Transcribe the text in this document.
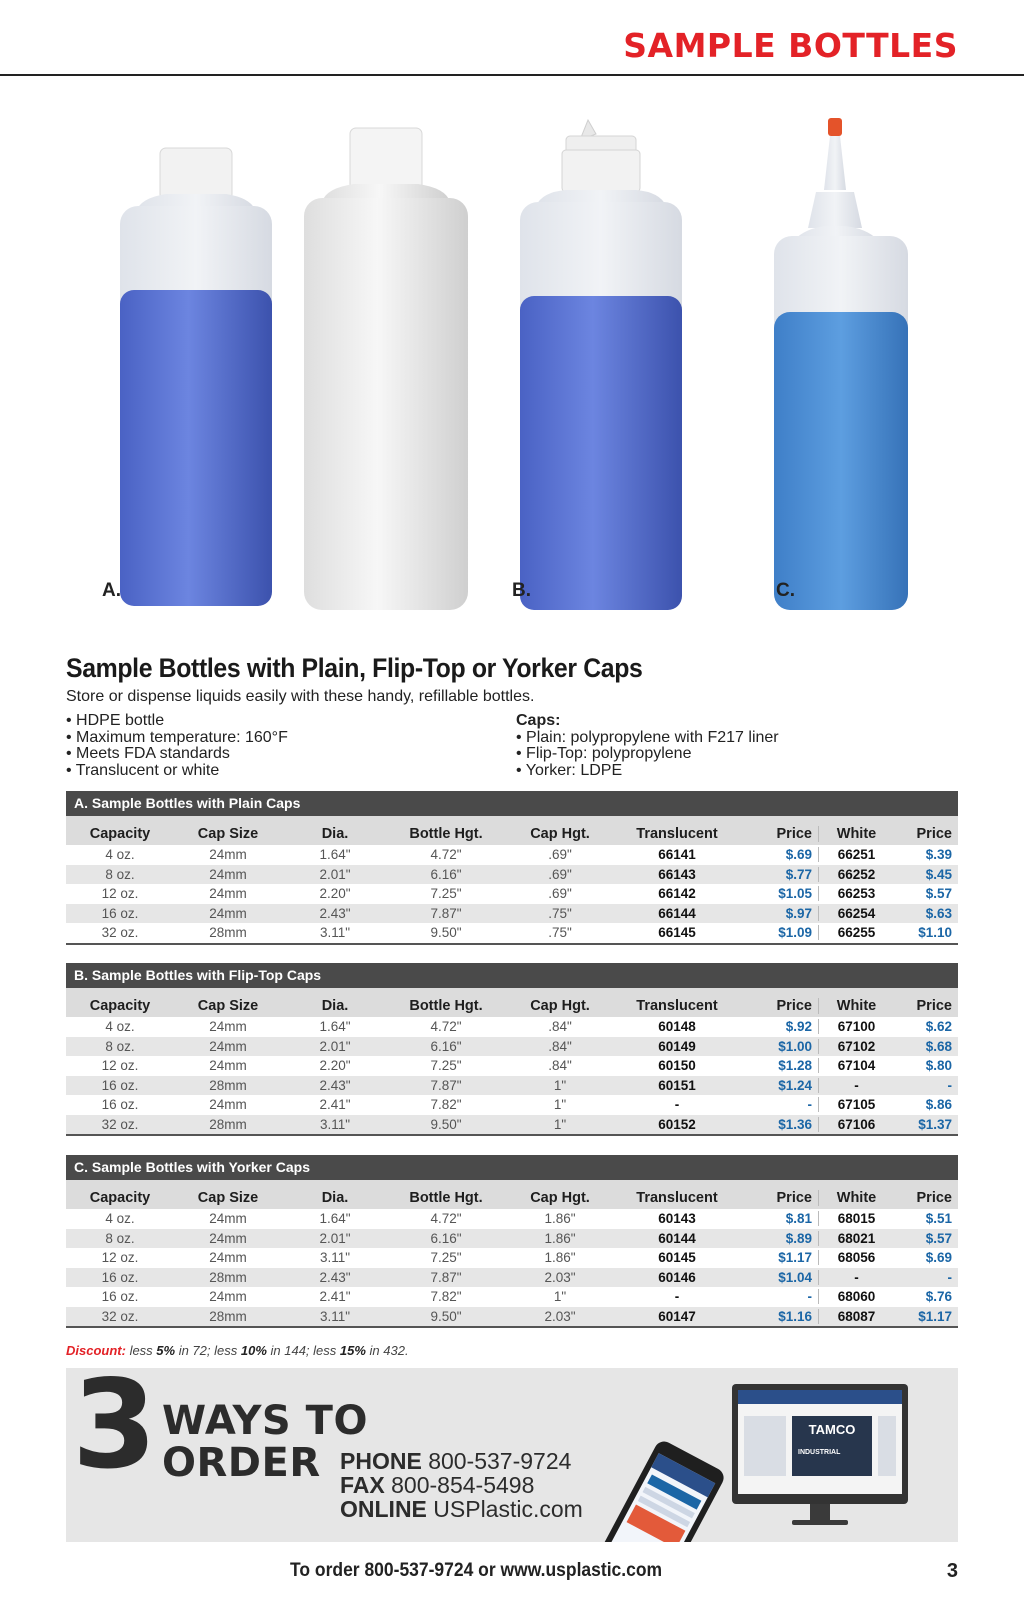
SAMPLE BOTTLES
A.	B.	C.
Sample Bottles with Plain, Flip-Top or Yorker Caps
Store or dispense liquids easily with these handy, refillable bottles.
• HDPE bottle
• Maximum temperature: 160°F
• Meets FDA standards
• Translucent or white
Caps:
• Plain: polypropylene with F217 liner
• Flip-Top: polypropylene
• Yorker: LDPE
A. Sample Bottles with Plain Caps
Capacity	Cap Size	Dia.	Bottle Hgt.	Cap Hgt.	Translucent	Price	White	Price
4 oz.	24mm	1.64"	4.72"	.69"	66141	$.69	66251	$.39
8 oz.	24mm	2.01"	6.16"	.69"	66143	$.77	66252	$.45
12 oz.	24mm	2.20"	7.25"	.69"	66142	$1.05	66253	$.57
16 oz.	24mm	2.43"	7.87"	.75"	66144	$.97	66254	$.63
32 oz.	28mm	3.11"	9.50"	.75"	66145	$1.09	66255	$1.10
B. Sample Bottles with Flip-Top Caps
Capacity	Cap Size	Dia.	Bottle Hgt.	Cap Hgt.	Translucent	Price	White	Price
4 oz.	24mm	1.64"	4.72"	.84"	60148	$.92	67100	$.62
8 oz.	24mm	2.01"	6.16"	.84"	60149	$1.00	67102	$.68
12 oz.	24mm	2.20"	7.25"	.84"	60150	$1.28	67104	$.80
16 oz.	28mm	2.43"	7.87"	1"	60151	$1.24	-	-
16 oz.	24mm	2.41"	7.82"	1"	-	-	67105	$.86
32 oz.	28mm	3.11"	9.50"	1"	60152	$1.36	67106	$1.37
C. Sample Bottles with Yorker Caps
Capacity	Cap Size	Dia.	Bottle Hgt.	Cap Hgt.	Translucent	Price	White	Price
4 oz.	24mm	1.64"	4.72"	1.86"	60143	$.81	68015	$.51
8 oz.	24mm	2.01"	6.16"	1.86"	60144	$.89	68021	$.57
12 oz.	24mm	3.11"	7.25"	1.86"	60145	$1.17	68056	$.69
16 oz.	28mm	2.43"	7.87"	2.03"	60146	$1.04	-	-
16 oz.	24mm	2.41"	7.82"	1"	-	-	68060	$.76
32 oz.	28mm	3.11"	9.50"	2.03"	60147	$1.16	68087	$1.17
Discount: less 5% in 72; less 10% in 144; less 15% in 432.
3 WAYS TO
ORDER PHONE 800-537-9724
FAX 800-854-5498
ONLINE USPlastic.com
TAMCO
INDUSTRIAL
To order 800-537-9724 or www.usplastic.com	3
